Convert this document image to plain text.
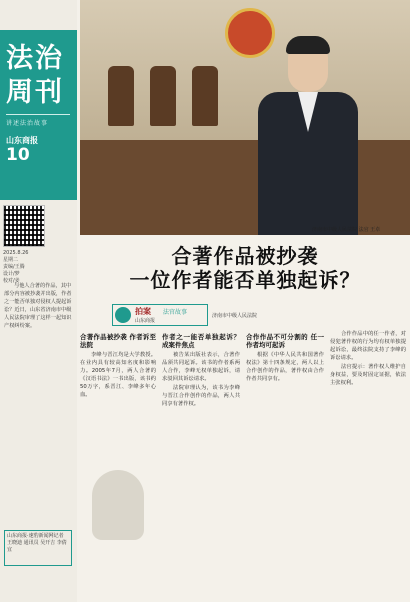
法治周刊
讲述法治故事
山东商报
10
2025.8.26
星期二
责编/王腾
设计/梦
校对/姜
与他人合著的作品，其中部分内容被抄袭并出版，作者之一能否单独对侵权人提起诉讼？近日，山东省济南市中级人民法院审理了这样一起知识产权纠纷案。
山东商报·速豹新闻网记者 王晓迪 通讯员 吴开吉 李倩宜
济南市中级人民法院 法官 王卓
合著作品被抄袭
一位作者能否单独起诉？
拍案 法官故事
山东商报
济南市中级人民法院
合著作品被抄袭 作者诉至法院

李峰与晋江均是大学教授。在业内具有较高知名度和影响力。2005年7月，两人合著的《汉语书法》一书出版，该书约50万字，系晋江、李峰多年心血。

作者之一能否单独起诉？ 成案件焦点

被告某出版社表示，合著作品须共同起诉。该书的作者系两人合作，李峰无权单独起诉，请求驳回其诉讼请求。

法院审理认为，该书为李峰与晋江合作创作的作品，两人共同享有著作权。

合作作品不可分割的 任一作者均可起诉

根据《中华人民共和国著作权法》第十四条规定，两人以上合作创作的作品，著作权由合作作者共同享有。

合作作品中的任一作者，对侵犯著作权的行为均有权单独提起诉讼，最终法院支持了李峰的诉讼请求。

法官提示：著作权人维护自身权益，要及时固定证据，依法主张权利。
